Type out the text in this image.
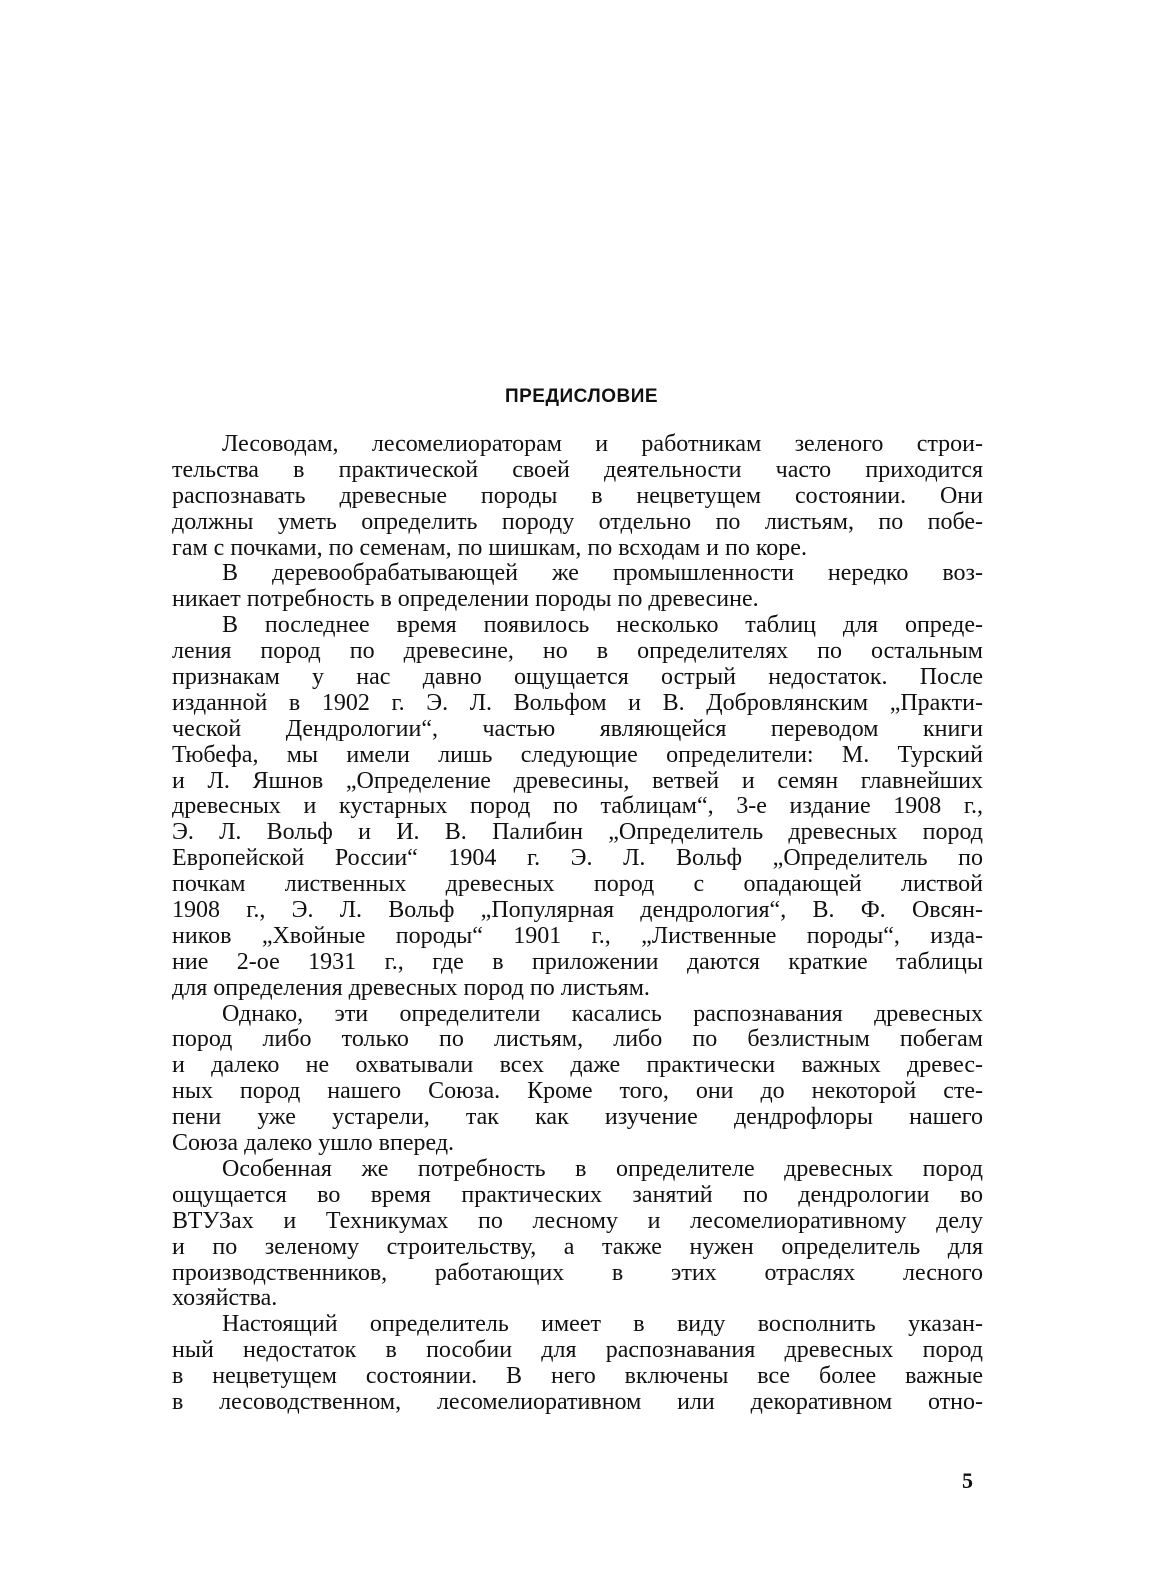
ПРЕДИСЛОВИЕ
Лесоводам, лесомелиораторам и работникам зеленого строи-
тельства в практической своей деятельности часто приходится
распознавать древесные породы в нецветущем состоянии. Они
должны уметь определить породу отдельно по листьям, по побе-
гам с почками, по семенам, по шишкам, по всходам и по коре.
В деревообрабатывающей же промышленности нередко воз-
никает потребность в определении породы по древесине.
В последнее время появилось несколько таблиц для опреде-
ления пород по древесине, но в определителях по остальным
признакам у нас давно ощущается острый недостаток. После
изданной в 1902 г. Э. Л. Вольфом и В. Добровлянским „Практи-
ческой Дендрологии“, частью являющейся переводом книги
Тюбефа, мы имели лишь следующие определители: М. Турский
и Л. Яшнов „Определение древесины, ветвей и семян главнейших
древесных и кустарных пород по таблицам“, 3-е издание 1908 г.,
Э. Л. Вольф и И. В. Палибин „Определитель древесных пород
Европейской России“ 1904 г. Э. Л. Вольф „Определитель по
почкам лиственных древесных пород с опадающей листвой
1908 г., Э. Л. Вольф „Популярная дендрология“, В. Ф. Овсян-
ников „Хвойные породы“ 1901 г., „Лиственные породы“, изда-
ние 2-ое 1931 г., где в приложении даются краткие таблицы
для определения древесных пород по листьям.
Однако, эти определители касались распознавания древесных
пород либо только по листьям, либо по безлистным побегам
и далеко не охватывали всех даже практически важных древес-
ных пород нашего Союза. Кроме того, они до некоторой сте-
пени уже устарели, так как изучение дендрофлоры нашего
Союза далеко ушло вперед.
Особенная же потребность в определителе древесных пород
ощущается во время практических занятий по дендрологии во
ВТУЗах и Техникумах по лесному и лесомелиоративному делу
и по зеленому строительству, а также нужен определитель для
производственников, работающих в этих отраслях лесного
хозяйства.
Настоящий определитель имеет в виду восполнить указан-
ный недостаток в пособии для распознавания древесных пород
в нецветущем состоянии. В него включены все более важные
в лесоводственном, лесомелиоративном или декоративном отно-
5
